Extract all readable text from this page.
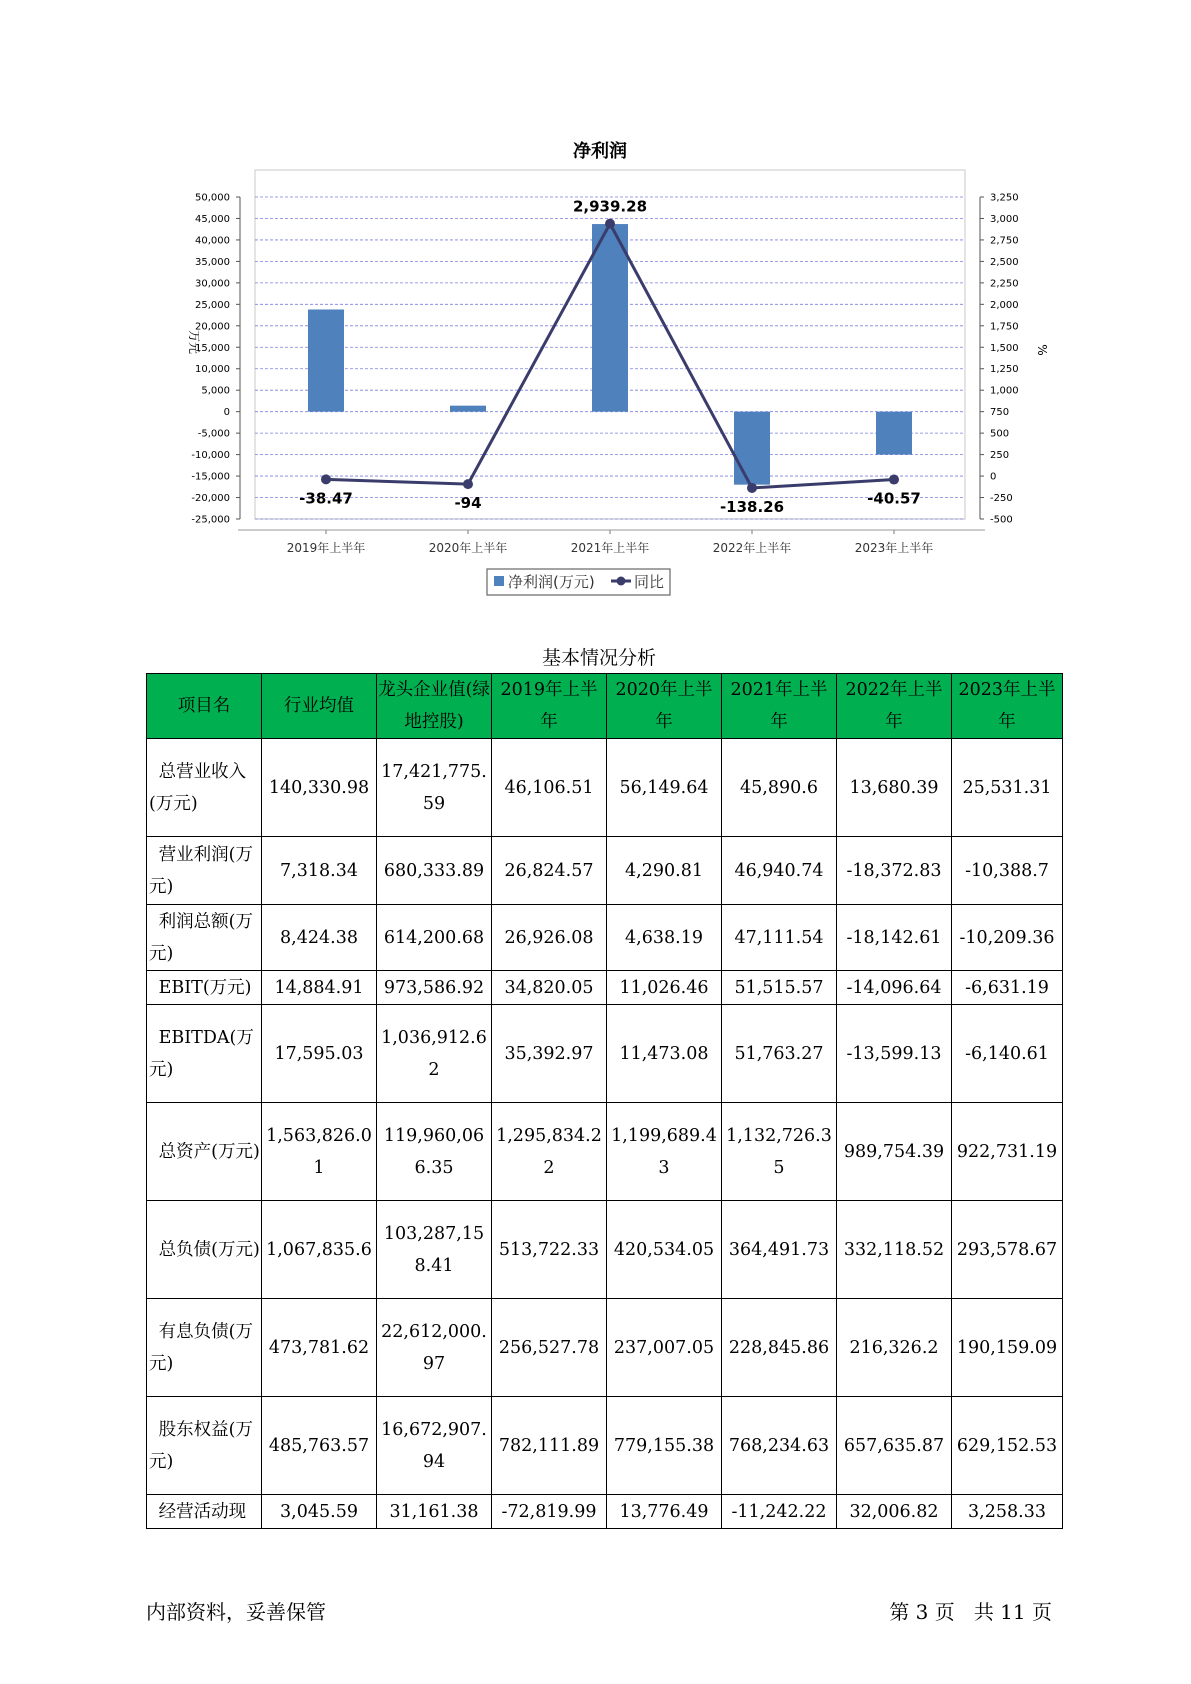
净利润
50,000
45,000
40,000
35,000
30,000
25,000
20,000
15,000
10,000
5,000
0
-5,000
-10,000
-15,000
-20,000
-25,000
3,250
3,000
2,750
2,500
2,250
2,000
1,750
1,500
1,250
1,000
750
500
250
0
-250
-500
万元	%
2019年上半年	2020年上半年	2021年上半年	2022年上半年	2023年上半年
-38.47	-94
2,939.28
-138.26	-40.57
净利润(万元)	同比
基本情况分析
项目名	行业均值	龙头企业值(绿地控股)	2019年上半年	2020年上半年	2021年上半年	2022年上半年	2023年上半年
总营业收入(万元)	140,330.98	17,421,775.59	46,106.51	56,149.64	45,890.6	13,680.39	25,531.31
营业利润(万元)	7,318.34	680,333.89	26,824.57	4,290.81	46,940.74	-18,372.83	-10,388.7
利润总额(万元)	8,424.38	614,200.68	26,926.08	4,638.19	47,111.54	-18,142.61	-10,209.36
EBIT(万元)	14,884.91	973,586.92	34,820.05	11,026.46	51,515.57	-14,096.64	-6,631.19
EBITDA(万元)	17,595.03	1,036,912.62	35,392.97	11,473.08	51,763.27	-13,599.13	-6,140.61
总资产(万元)	1,563,826.01	119,960,066.35	1,295,834.22	1,199,689.43	1,132,726.35	989,754.39	922,731.19
总负债(万元)	1,067,835.6	103,287,158.41	513,722.33	420,534.05	364,491.73	332,118.52	293,578.67
有息负债(万元)	473,781.62	22,612,000.97	256,527.78	237,007.05	228,845.86	216,326.2	190,159.09
股东权益(万元)	485,763.57	16,672,907.94	782,111.89	779,155.38	768,234.63	657,635.87	629,152.53
经营活动现	3,045.59	31,161.38	-72,819.99	13,776.49	-11,242.22	32,006.82	3,258.33
内部资料，妥善保管	第 3 页   共 11 页
